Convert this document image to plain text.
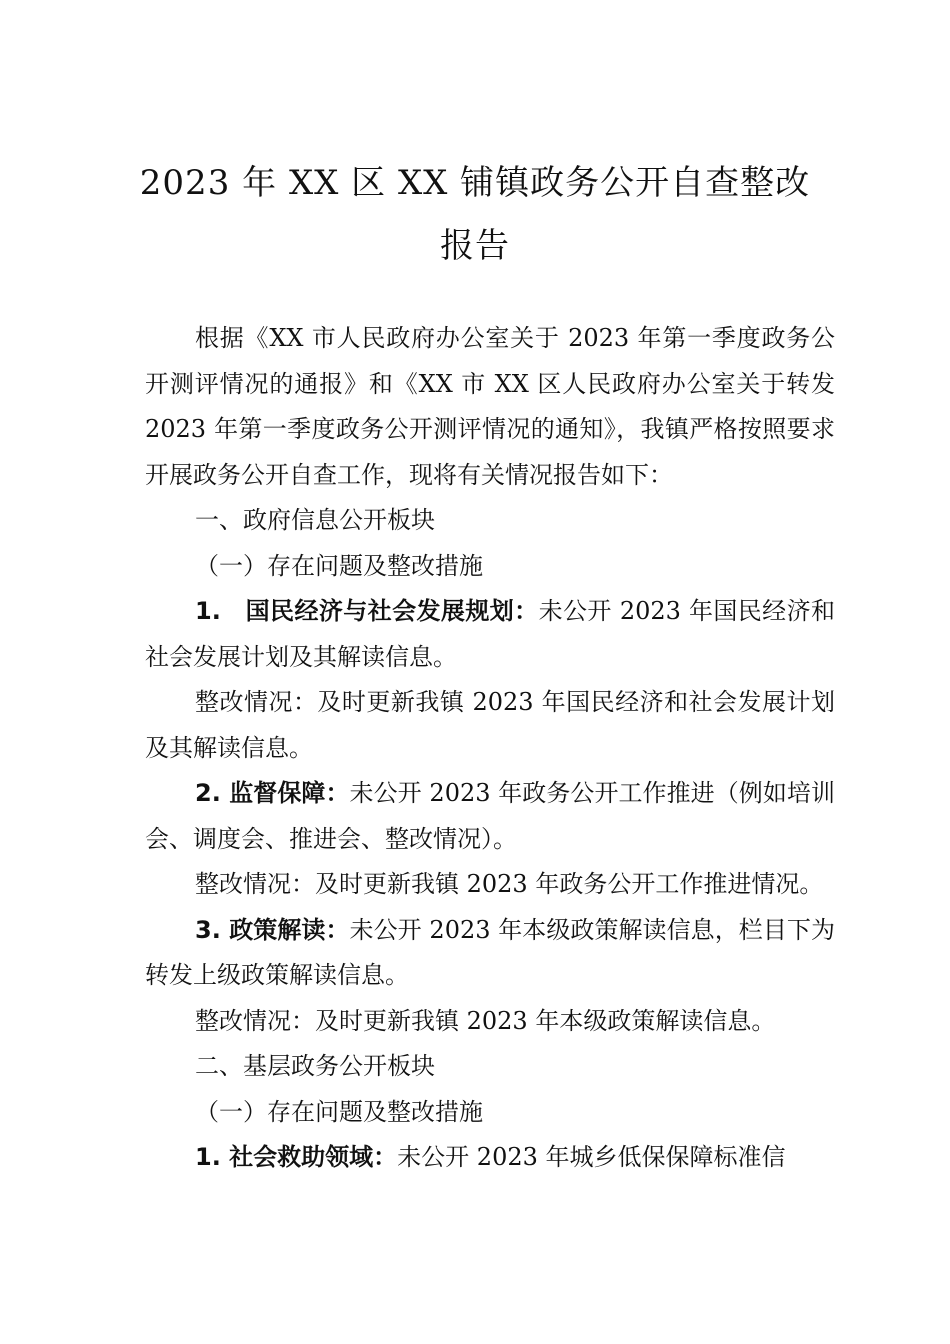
2023 年 XX 区 XX 铺镇政务公开自查整改
报告

根据《XX 市人民政府办公室关于 2023 年第一季度政务公开测评情况的通报》和《XX 市 XX 区人民政府办公室关于转发 2023 年第一季度政务公开测评情况的通知》，我镇严格按照要求开展政务公开自查工作，现将有关情况报告如下：

一、政府信息公开板块

（一）存在问题及整改措施

1.　国民经济与社会发展规划：未公开 2023 年国民经济和社会发展计划及其解读信息。

整改情况：及时更新我镇 2023 年国民经济和社会发展计划及其解读信息。

2. 监督保障：未公开 2023 年政务公开工作推进（例如培训会、调度会、推进会、整改情况）。

整改情况：及时更新我镇 2023 年政务公开工作推进情况。

3. 政策解读：未公开 2023 年本级政策解读信息，栏目下为转发上级政策解读信息。

整改情况：及时更新我镇 2023 年本级政策解读信息。

二、基层政务公开板块

（一）存在问题及整改措施

1. 社会救助领域：未公开 2023 年城乡低保保障标准信
